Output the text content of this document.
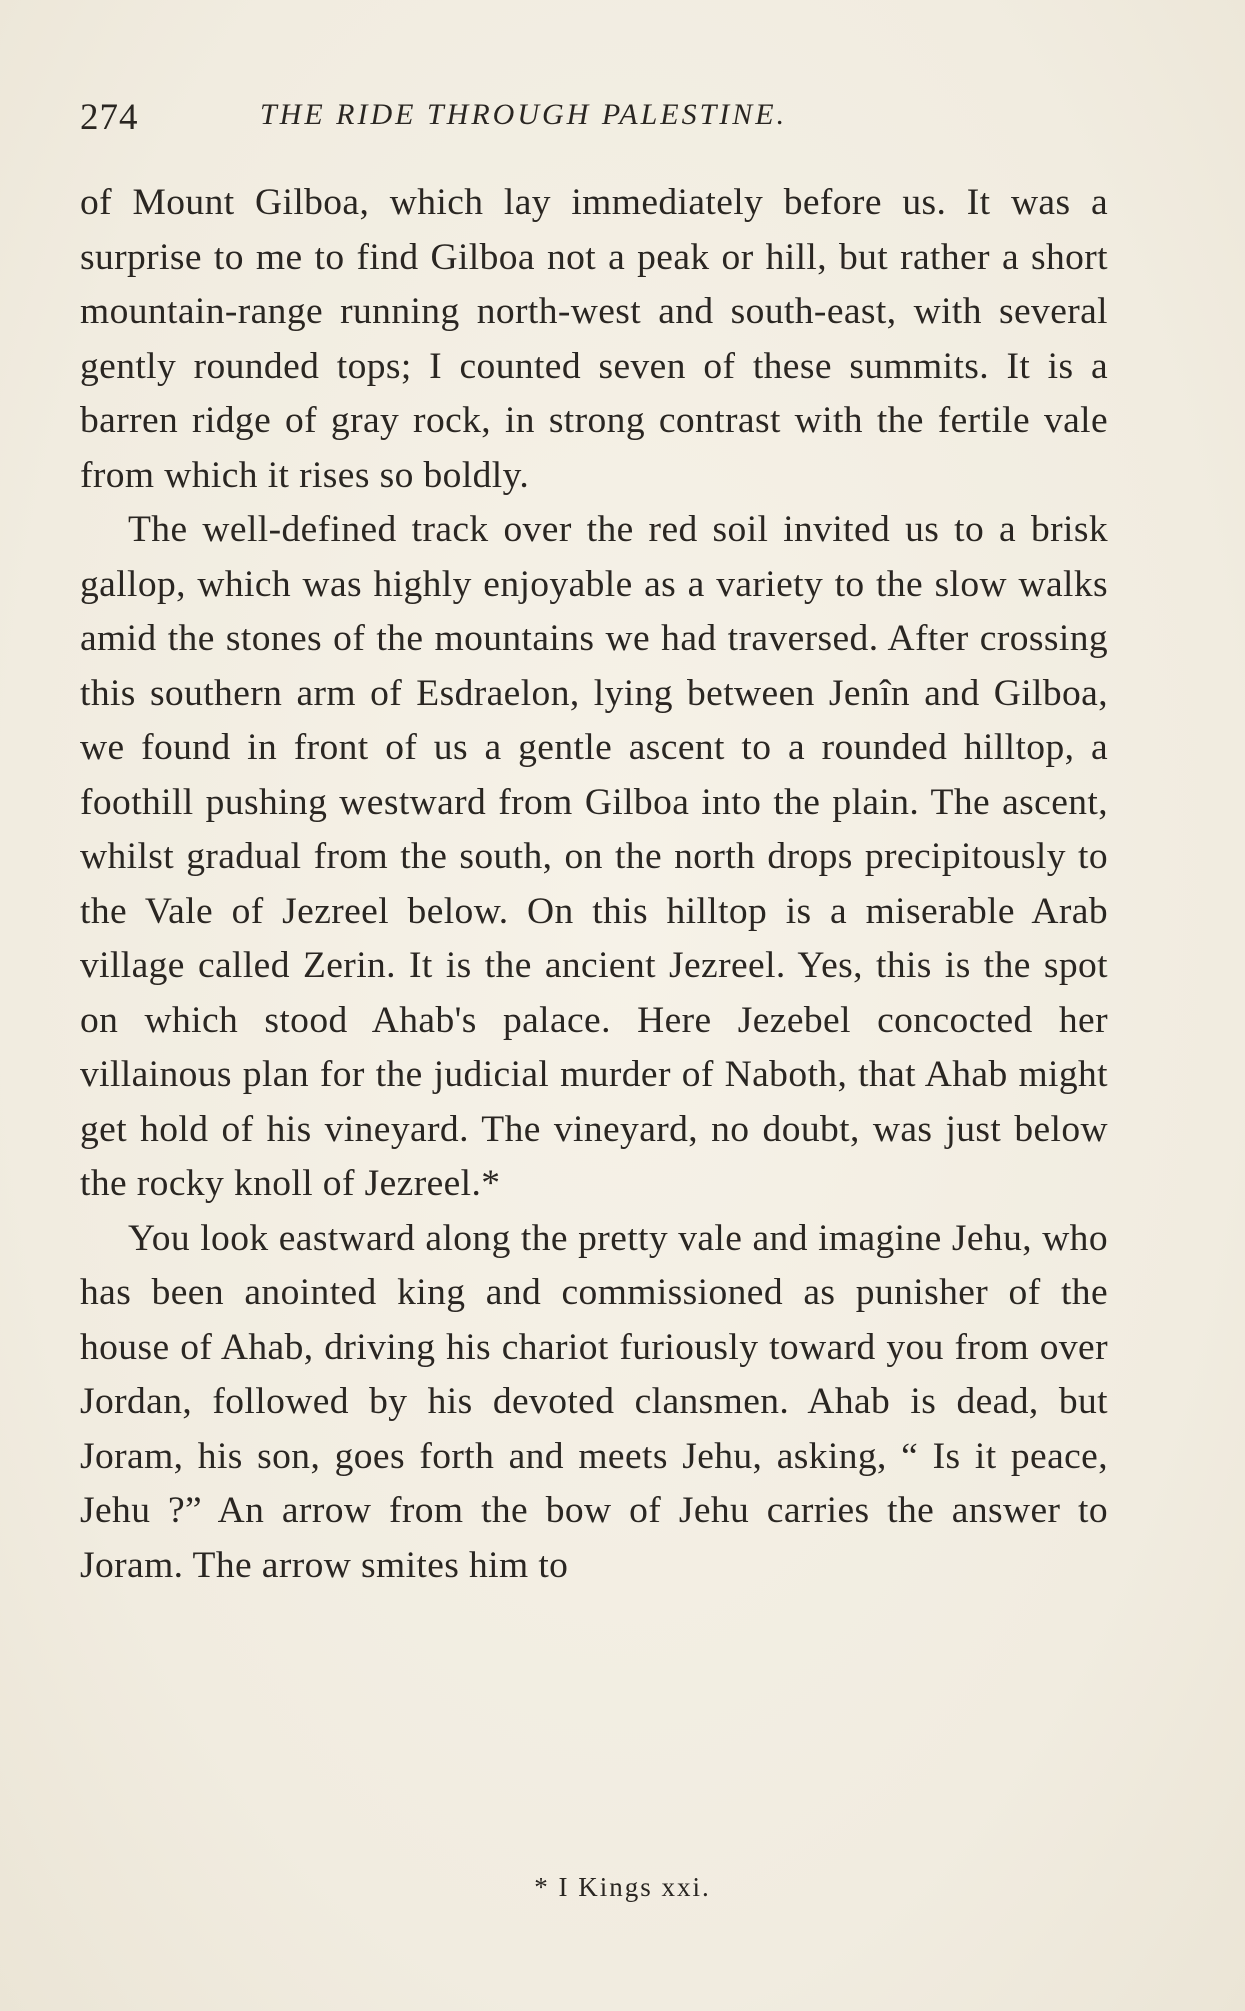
274	THE RIDE THROUGH PALESTINE.

of Mount Gilboa, which lay immediately before us. It was a surprise to me to find Gilboa not a peak or hill, but rather a short mountain-range running north-west and south-east, with several gently rounded tops; I counted seven of these summits. It is a barren ridge of gray rock, in strong contrast with the fertile vale from which it rises so boldly.

The well-defined track over the red soil invited us to a brisk gallop, which was highly enjoyable as a variety to the slow walks amid the stones of the mountains we had traversed. After crossing this southern arm of Esdraelon, lying between Jenîn and Gilboa, we found in front of us a gentle ascent to a rounded hilltop, a foothill pushing westward from Gilboa into the plain. The ascent, whilst gradual from the south, on the north drops precipitously to the Vale of Jezreel below. On this hilltop is a miserable Arab village called Zerin. It is the ancient Jezreel. Yes, this is the spot on which stood Ahab's palace. Here Jezebel concocted her villainous plan for the judicial murder of Naboth, that Ahab might get hold of his vineyard. The vineyard, no doubt, was just below the rocky knoll of Jezreel.*

You look eastward along the pretty vale and imagine Jehu, who has been anointed king and commissioned as punisher of the house of Ahab, driving his chariot furiously toward you from over Jordan, followed by his devoted clansmen. Ahab is dead, but Joram, his son, goes forth and meets Jehu, asking, “ Is it peace, Jehu ?” An arrow from the bow of Jehu carries the answer to Joram. The arrow smites him to

* I Kings xxi.
